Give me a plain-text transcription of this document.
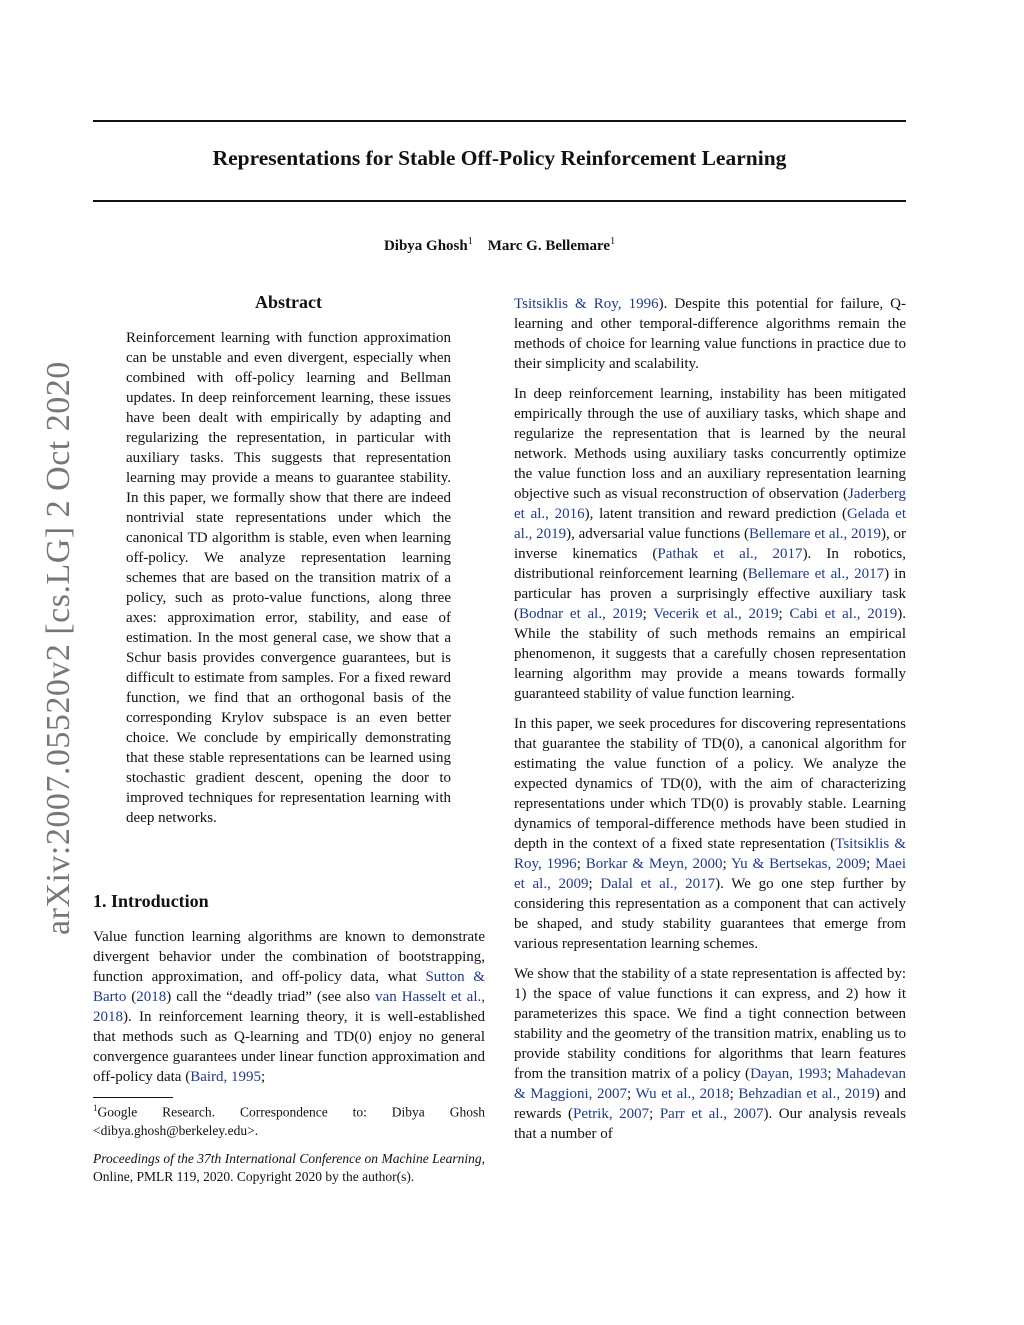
Representations for Stable Off-Policy Reinforcement Learning
Dibya Ghosh$^1$ Marc G. Bellemare$^1$
arXiv:2007.05520v2 [cs.LG] 2 Oct 2020
Abstract
Reinforcement learning with function approximation can be unstable and even divergent, especially when combined with off-policy learning and Bellman updates. In deep reinforcement learning, these issues have been dealt with empirically by adapting and regularizing the representation, in particular with auxiliary tasks. This suggests that representation learning may provide a means to guarantee stability. In this paper, we formally show that there are indeed nontrivial state representations under which the canonical TD algorithm is stable, even when learning off-policy. We analyze representation learning schemes that are based on the transition matrix of a policy, such as proto-value functions, along three axes: approximation error, stability, and ease of estimation. In the most general case, we show that a Schur basis provides convergence guarantees, but is difficult to estimate from samples. For a fixed reward function, we find that an orthogonal basis of the corresponding Krylov subspace is an even better choice. We conclude by empirically demonstrating that these stable representations can be learned using stochastic gradient descent, opening the door to improved techniques for representation learning with deep networks.
1. Introduction
Value function learning algorithms are known to demonstrate divergent behavior under the combination of bootstrapping, function approximation, and off-policy data, what Sutton & Barto (2018) call the “deadly triad” (see also van Hasselt et al., 2018). In reinforcement learning theory, it is well-established that methods such as Q-learning and TD(0) enjoy no general convergence guarantees under linear function approximation and off-policy data (Baird, 1995;
$^1$Google Research. Correspondence to: Dibya Ghosh <dibya.ghosh@berkeley.edu>.
Proceedings of the 37th International Conference on Machine Learning, Online, PMLR 119, 2020. Copyright 2020 by the author(s).

Tsitsiklis & Roy, 1996). Despite this potential for failure, Q-learning and other temporal-difference algorithms remain the methods of choice for learning value functions in practice due to their simplicity and scalability.

In deep reinforcement learning, instability has been mitigated empirically through the use of auxiliary tasks, which shape and regularize the representation that is learned by the neural network. Methods using auxiliary tasks concurrently optimize the value function loss and an auxiliary representation learning objective such as visual reconstruction of observation (Jaderberg et al., 2016), latent transition and reward prediction (Gelada et al., 2019), adversarial value functions (Bellemare et al., 2019), or inverse kinematics (Pathak et al., 2017). In robotics, distributional reinforcement learning (Bellemare et al., 2017) in particular has proven a surprisingly effective auxiliary task (Bodnar et al., 2019; Vecerik et al., 2019; Cabi et al., 2019). While the stability of such methods remains an empirical phenomenon, it suggests that a carefully chosen representation learning algorithm may provide a means towards formally guaranteed stability of value function learning.

In this paper, we seek procedures for discovering representations that guarantee the stability of TD(0), a canonical algorithm for estimating the value function of a policy. We analyze the expected dynamics of TD(0), with the aim of characterizing representations under which TD(0) is provably stable. Learning dynamics of temporal-difference methods have been studied in depth in the context of a fixed state representation (Tsitsiklis & Roy, 1996; Borkar & Meyn, 2000; Yu & Bertsekas, 2009; Maei et al., 2009; Dalal et al., 2017). We go one step further by considering this representation as a component that can actively be shaped, and study stability guarantees that emerge from various representation learning schemes.

We show that the stability of a state representation is affected by: 1) the space of value functions it can express, and 2) how it parameterizes this space. We find a tight connection between stability and the geometry of the transition matrix, enabling us to provide stability conditions for algorithms that learn features from the transition matrix of a policy (Dayan, 1993; Mahadevan & Maggioni, 2007; Wu et al., 2018; Behzadian et al., 2019) and rewards (Petrik, 2007; Parr et al., 2007). Our analysis reveals that a number of
